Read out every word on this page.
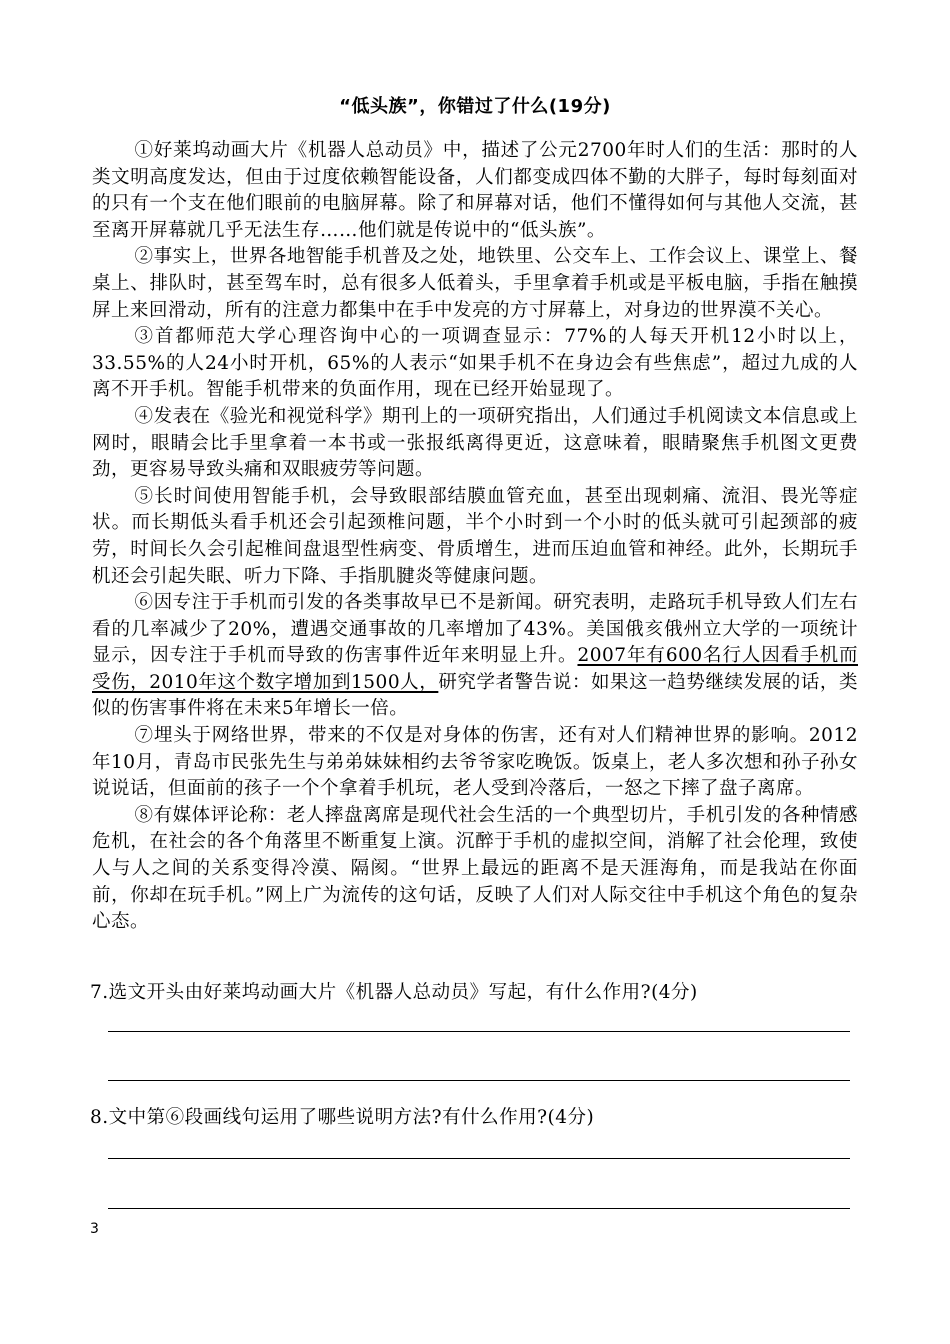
“低头族”，你错过了什么(19分)

①好莱坞动画大片《机器人总动员》中，描述了公元2700年时人们的生活：那时的人类文明高度发达，但由于过度依赖智能设备，人们都变成四体不勤的大胖子，每时每刻面对的只有一个支在他们眼前的电脑屏幕。除了和屏幕对话，他们不懂得如何与其他人交流，甚至离开屏幕就几乎无法生存……他们就是传说中的“低头族”。

②事实上，世界各地智能手机普及之处，地铁里、公交车上、工作会议上、课堂上、餐桌上、排队时，甚至驾车时，总有很多人低着头，手里拿着手机或是平板电脑，手指在触摸屏上来回滑动，所有的注意力都集中在手中发亮的方寸屏幕上，对身边的世界漠不关心。

③首都师范大学心理咨询中心的一项调查显示：77%的人每天开机12小时以上，33.55%的人24小时开机，65%的人表示“如果手机不在身边会有些焦虑”，超过九成的人离不开手机。智能手机带来的负面作用，现在已经开始显现了。

④发表在《验光和视觉科学》期刊上的一项研究指出，人们通过手机阅读文本信息或上网时，眼睛会比手里拿着一本书或一张报纸离得更近，这意味着，眼睛聚焦手机图文更费劲，更容易导致头痛和双眼疲劳等问题。

⑤长时间使用智能手机，会导致眼部结膜血管充血，甚至出现刺痛、流泪、畏光等症状。而长期低头看手机还会引起颈椎问题，半个小时到一个小时的低头就可引起颈部的疲劳，时间长久会引起椎间盘退型性病变、骨质增生，进而压迫血管和神经。此外，长期玩手机还会引起失眠、听力下降、手指肌腱炎等健康问题。

⑥因专注于手机而引发的各类事故早已不是新闻。研究表明，走路玩手机导致人们左右看的几率减少了20%，遭遇交通事故的几率增加了43%。美国俄亥俄州立大学的一项统计显示，因专注于手机而导致的伤害事件近年来明显上升。2007年有600名行人因看手机而受伤，2010年这个数字增加到1500人，研究学者警告说：如果这一趋势继续发展的话，类似的伤害事件将在未来5年增长一倍。

⑦埋头于网络世界，带来的不仅是对身体的伤害，还有对人们精神世界的影响。2012年10月，青岛市民张先生与弟弟妹妹相约去爷爷家吃晚饭。饭桌上，老人多次想和孙子孙女说说话，但面前的孩子一个个拿着手机玩，老人受到冷落后，一怒之下摔了盘子离席。

⑧有媒体评论称：老人摔盘离席是现代社会生活的一个典型切片，手机引发的各种情感危机，在社会的各个角落里不断重复上演。沉醉于手机的虚拟空间，消解了社会伦理，致使人与人之间的关系变得冷漠、隔阂。“世界上最远的距离不是天涯海角，而是我站在你面前，你却在玩手机。”网上广为流传的这句话，反映了人们对人际交往中手机这个角色的复杂心态。

7.选文开头由好莱坞动画大片《机器人总动员》写起，有什么作用?(4分)
8.文中第⑥段画线句运用了哪些说明方法?有什么作用?(4分)
3
